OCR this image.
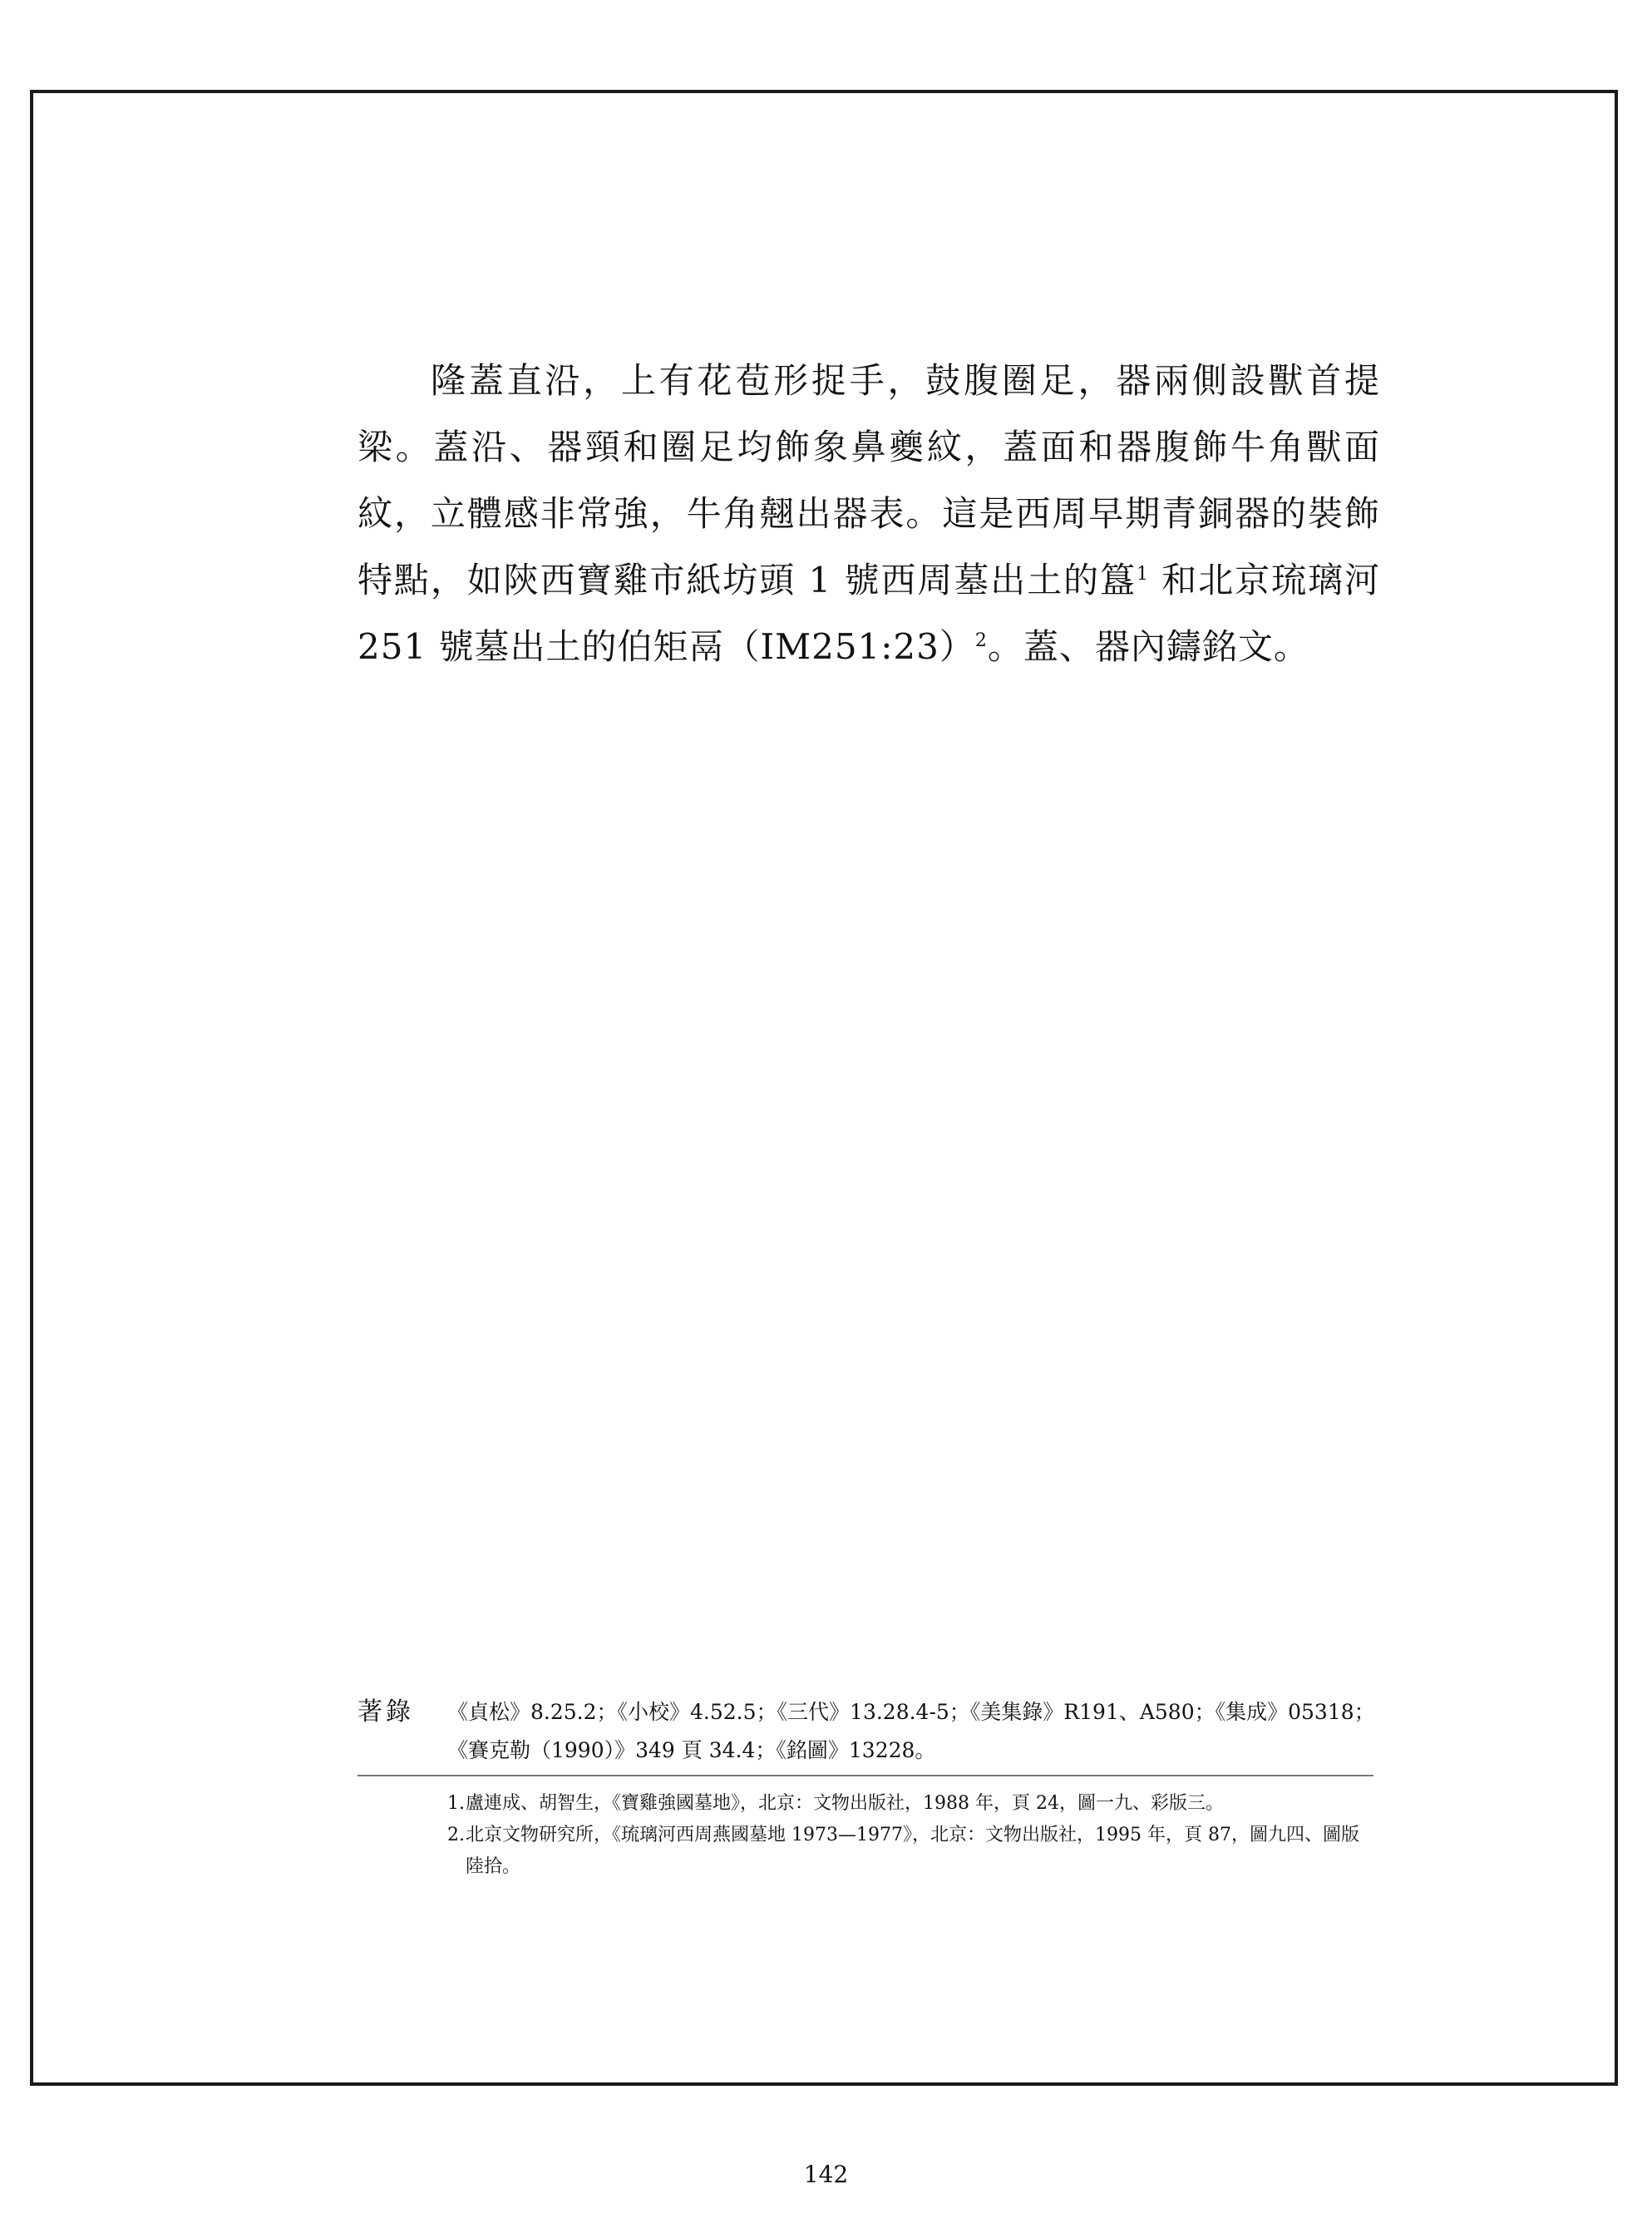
隆蓋直沿，上有花苞形捉手，鼓腹圈足，器兩側設獸首提梁。蓋沿、器頸和圈足均飾象鼻夔紋，蓋面和器腹飾牛角獸面紋，立體感非常強，牛角翹出器表。這是西周早期青銅器的裝飾特點，如陝西寶雞市紙坊頭 1 號西周墓出土的簋$^1$ 和北京琉璃河 251 號墓出土的伯矩鬲（IM251:23）$^2$。蓋、器內鑄銘文。

著錄 《貞松》8.25.2；《小校》4.52.5；《三代》13.28.4-5；《美集錄》R191、A580；《集成》05318；《賽克勒（1990）》349 頁 34.4；《銘圖》13228。

1. 盧連成、胡智生，《寶雞強國墓地》，北京：文物出版社，1988 年，頁 24，圖一九、彩版三。

2. 北京文物研究所，《琉璃河西周燕國墓地 1973—1977》，北京：文物出版社，1995 年，頁 87，圖九四、圖版陸拾。

142
